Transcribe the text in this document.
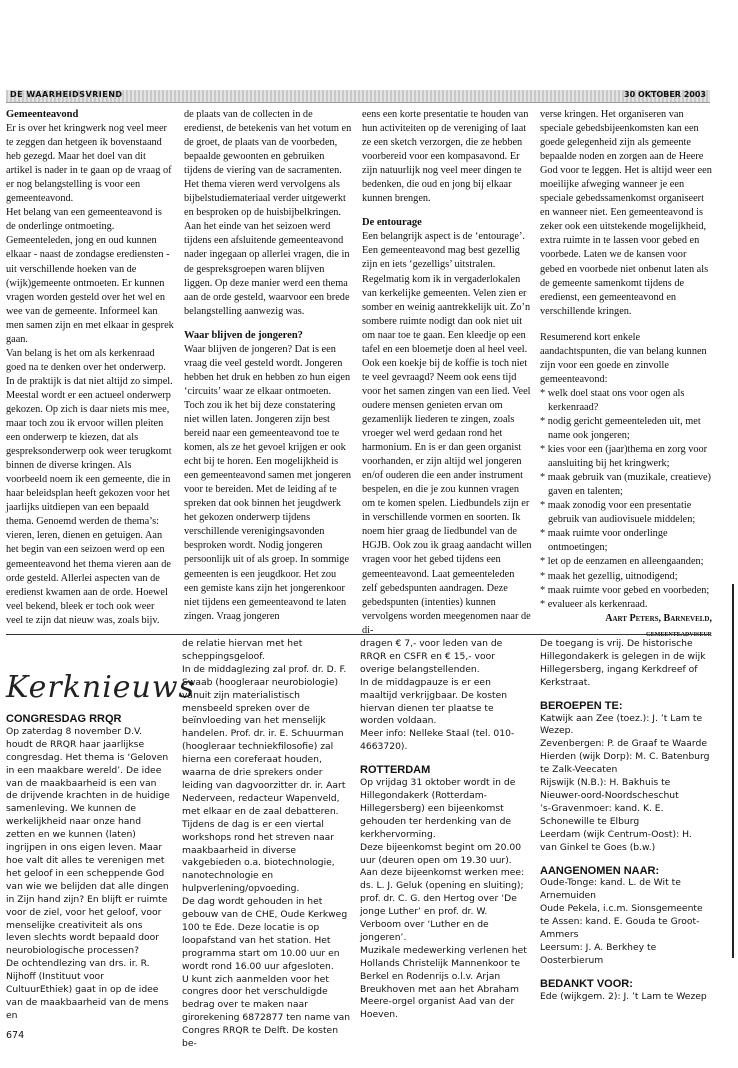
DE WAARHEIDSVRIEND	30 OKTOBER 2003
Gemeenteavond

Er is over het kringwerk nog veel meer te zeggen dan hetgeen ik bovenstaand heb gezegd. Maar het doel van dit artikel is nader in te gaan op de vraag of er nog belangstelling is voor een gemeenteavond.

Het belang van een gemeenteavond is de onderlinge ontmoeting. Gemeenteleden, jong en oud kunnen elkaar - naast de zondagse erediensten - uit verschillende hoeken van de (wijk)gemeente ontmoeten. Er kunnen vragen worden gesteld over het wel en wee van de gemeente. Informeel kan men samen zijn en met elkaar in gesprek gaan.

Van belang is het om als kerkenraad goed na te denken over het onderwerp. In de praktijk is dat niet altijd zo simpel. Meestal wordt er een actueel onderwerp gekozen. Op zich is daar niets mis mee, maar toch zou ik ervoor willen pleiten een onderwerp te kiezen, dat als gespreksonderwerp ook weer terugkomt binnen de diverse kringen. Als voorbeeld noem ik een gemeente, die in haar beleidsplan heeft gekozen voor het jaarlijks uitdiepen van een bepaald thema. Genoemd werden de thema’s: vieren, leren, dienen en getuigen. Aan het begin van een seizoen werd op een gemeenteavond het thema vieren aan de orde gesteld. Allerlei aspecten van de eredienst kwamen aan de orde. Hoewel veel bekend, bleek er toch ook weer veel te zijn dat nieuw was, zoals bijv.

de plaats van de collecten in de eredienst, de betekenis van het votum en de groet, de plaats van de voorbeden, bepaalde gewoonten en gebruiken tijdens de viering van de sacramenten. Het thema vieren werd vervolgens als bijbelstudiemateriaal verder uitgewerkt en besproken op de huisbijbelkringen. Aan het einde van het seizoen werd tijdens een afsluitende gemeenteavond nader ingegaan op allerlei vragen, die in de gespreksgroepen waren blijven liggen. Op deze manier werd een thema aan de orde gesteld, waarvoor een brede belangstelling aanwezig was.

Waar blijven de jongeren?

Waar blijven de jongeren? Dat is een vraag die veel gesteld wordt. Jongeren hebben het druk en hebben zo hun eigen ‘circuits’ waar ze elkaar ontmoeten. Toch zou ik het bij deze constatering niet willen laten. Jongeren zijn best bereid naar een gemeenteavond toe te komen, als ze het gevoel krijgen er ook echt bij te horen. Een mogelijkheid is een gemeenteavond samen met jongeren voor te bereiden. Met de leiding af te spreken dat ook binnen het jeugdwerk het gekozen onderwerp tijdens verschillende verenigingsavonden besproken wordt. Nodig jongeren persoonlijk uit of als groep. In sommige gemeenten is een jeugdkoor. Het zou een gemiste kans zijn het jongerenkoor niet tijdens een gemeenteavond te laten zingen. Vraag jongeren

eens een korte presentatie te houden van hun activiteiten op de vereniging of laat ze een sketch verzorgen, die ze hebben voorbereid voor een kompasavond. Er zijn natuurlijk nog veel meer dingen te bedenken, die oud en jong bij elkaar kunnen brengen.

De entourage

Een belangrijk aspect is de ‘entourage’. Een gemeenteavond mag best gezellig zijn en iets ‘gezelligs’ uitstralen. Regelmatig kom ik in vergaderlokalen van kerkelijke gemeenten. Velen zien er somber en weinig aantrekkelijk uit. Zo’n sombere ruimte nodigt dan ook niet uit om naar toe te gaan. Een kleedje op een tafel en een bloemetje doen al heel veel. Ook een koekje bij de koffie is toch niet te veel gevraagd? Neem ook eens tijd voor het samen zingen van een lied. Veel oudere mensen genieten ervan om gezamenlijk liederen te zingen, zoals vroeger wel werd gedaan rond het harmonium. En is er dan geen organist voorhanden, er zijn altijd wel jongeren en/of ouderen die een ander instrument bespelen, en die je zou kunnen vragen om te komen spelen. Liedbundels zijn er in verschillende vormen en soorten. Ik noem hier graag de liedbundel van de HGJB. Ook zou ik graag aandacht willen vragen voor het gebed tijdens een gemeenteavond. Laat gemeenteleden zelf gebedspunten aandragen. Deze gebedspunten (intenties) kunnen vervolgens worden meegenomen naar de di-

verse kringen. Het organiseren van speciale gebedsbijeenkomsten kan een goede gelegenheid zijn als gemeente bepaalde noden en zorgen aan de Heere God voor te leggen. Het is altijd weer een moeilijke afweging wanneer je een speciale gebedssamenkomst organiseert en wanneer niet. Een gemeenteavond is zeker ook een uitstekende mogelijkheid, extra ruimte in te lassen voor gebed en voorbede. Laten we de kansen voor gebed en voorbede niet onbenut laten als de gemeente samenkomt tijdens de eredienst, een gemeenteavond en verschillende kringen.

Resumerend kort enkele aandachtspunten, die van belang kunnen zijn voor een goede en zinvolle gemeenteavond:

* welk doel staat ons voor ogen als kerkenraad?
* nodig gericht gemeenteleden uit, met name ook jongeren;
* kies voor een (jaar)thema en zorg voor aansluiting bij het kringwerk;
* maak gebruik van (muzikale, creatieve) gaven en talenten;
* maak zonodig voor een presentatie gebruik van audiovisuele middelen;
* maak ruimte voor onderlinge ontmoetingen;
* let op de eenzamen en alleengaanden;
* maak het gezellig, uitnodigend;
* maak ruimte voor gebed en voorbeden;
* evalueer als kerkenraad.

Aart Peters, Barneveld,

gemeenteadviseur

Kerknieuws
CONGRESDAG RRQR

Op zaterdag 8 november D.V. houdt de RRQR haar jaarlijkse congresdag. Het thema is ‘Geloven in een maakbare wereld’. De idee van de maakbaarheid is een van de drijvende krachten in de huidige samenleving. We kunnen de werkelijkheid naar onze hand zetten en we kunnen (laten) ingrijpen in ons eigen leven. Maar hoe valt dit alles te verenigen met het geloof in een scheppende God van wie we belijden dat alle dingen in Zijn hand zijn? En blijft er ruimte voor de ziel, voor het geloof, voor menselijke creativiteit als ons leven slechts wordt bepaald door neurobiologische processen?

De ochtendlezing van drs. ir. R. Nijhoff (Instituut voor CultuurEthiek) gaat in op de idee van de maakbaarheid van de mens en

de relatie hiervan met het scheppingsgeloof.

In de middaglezing zal prof. dr. D. F. Swaab (hoogleraar neurobiologie) vanuit zijn materialistisch mensbeeld spreken over de beïnvloeding van het menselijk handelen. Prof. dr. ir. E. Schuurman (hoogleraar techniekfilosofie) zal hierna een coreferaat houden, waarna de drie sprekers onder leiding van dagvoorzitter dr. ir. Aart Nederveen, redacteur Wapenveld, met elkaar en de zaal debatteren. Tijdens de dag is er een viertal workshops rond het streven naar maakbaarheid in diverse vakgebieden o.a. biotechnologie, nanotechnologie en hulpverlening/opvoeding.

De dag wordt gehouden in het gebouw van de CHE, Oude Kerkweg 100 te Ede. Deze locatie is op loopafstand van het station. Het programma start om 10.00 uur en wordt rond 16.00 uur afgesloten.

U kunt zich aanmelden voor het congres door het verschuldigde bedrag over te maken naar girorekening 6872877 ten name van Congres RRQR te Delft. De kosten be-

dragen € 7,- voor leden van de RRQR en CSFR en € 15,- voor overige belangstellenden.

In de middagpauze is er een maaltijd verkrijgbaar. De kosten hiervan dienen ter plaatse te worden voldaan.

Meer info: Nelleke Staal (tel. 010-4663720).

ROTTERDAM

Op vrijdag 31 oktober wordt in de Hillegondakerk (Rotterdam-Hillegersberg) een bijeenkomst gehouden ter herdenking van de kerkhervorming.

Deze bijeenkomst begint om 20.00 uur (deuren open om 19.30 uur).

Aan deze bijeenkomst werken mee: ds. L. J. Geluk (opening en sluiting); prof. dr. C. G. den Hertog over ‘De jonge Luther’ en prof. dr. W. Verboom over ‘Luther en de jongeren’.

Muzikale medewerking verlenen het Hollands Christelijk Mannenkoor te Berkel en Rodenrijs o.l.v. Arjan Breukhoven met aan het Abraham Meere-orgel organist Aad van der Hoeven.

De toegang is vrij. De historische Hillegondakerk is gelegen in de wijk Hillegersberg, ingang Kerkdreef of Kerkstraat.

BEROEPEN TE:

Katwijk aan Zee (toez.): J. ’t Lam te Wezep.

Zevenbergen: P. de Graaf te Waarde

Hierden (wijk Dorp): M. C. Batenburg te Zalk-Veecaten

Rijswijk (N.B.): H. Bakhuis te Nieuwer-oord-Noordscheschut

’s-Gravenmoer: kand. K. E. Schonewille te Elburg

Leerdam (wijk Centrum-Oost): H. van Ginkel te Goes (b.w.)

AANGENOMEN NAAR:

Oude-Tonge: kand. L. de Wit te Arnemuiden

Oude Pekela, i.c.m. Sionsgemeente te Assen: kand. E. Gouda te Groot-Ammers

Leersum: J. A. Berkhey te Oosterbierum

BEDANKT VOOR:

Ede (wijkgem. 2): J. ’t Lam te Wezep

674
